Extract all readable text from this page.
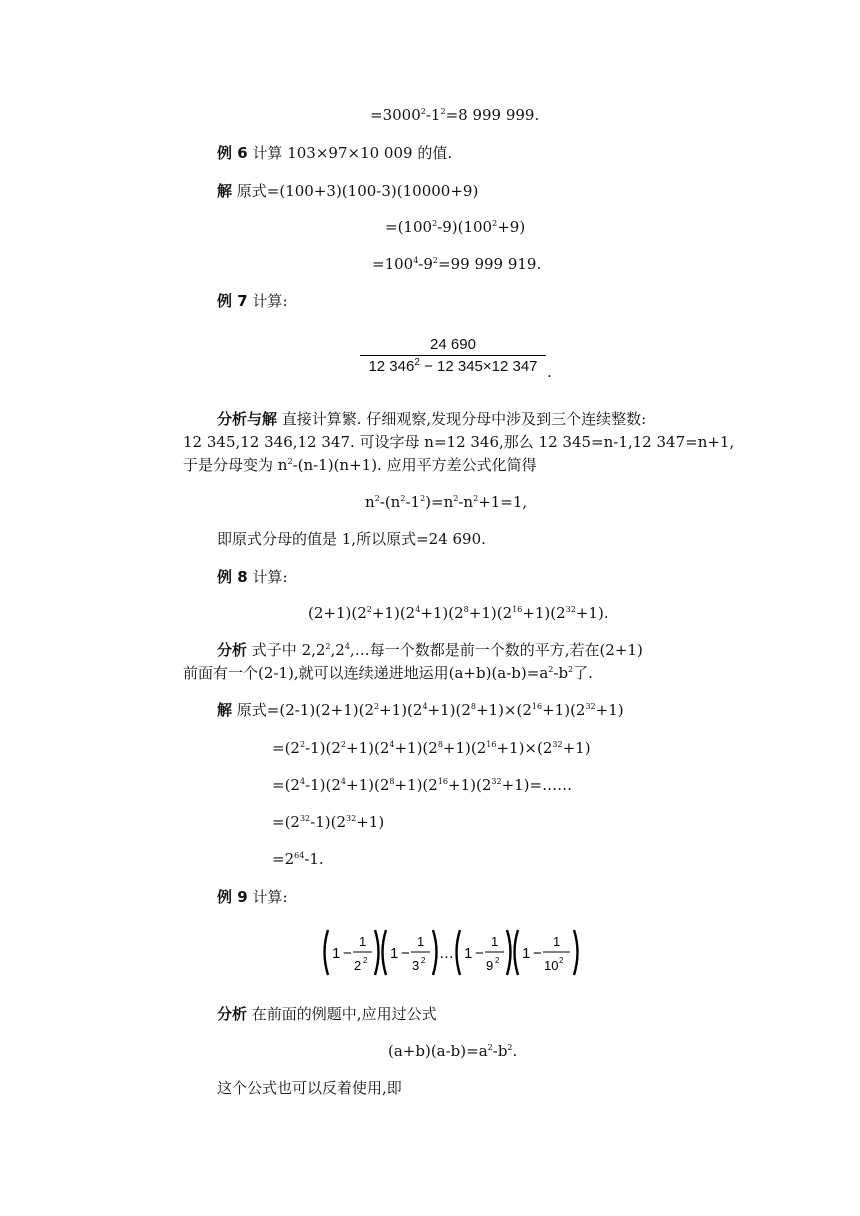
$=3000^2-1^2=8$ 999 999.
例 6 计算 103×97×10 009 的值.
解 原式=(100+3)(100-3)(10000+9)
$=(100^2-9)(100^2+9)$
$=100^4-9^2=99$ 999 919.
例 7 计算:
24 690
12 $346^2 - 12$ 345×12 347 .
分析与解 直接计算繁. 仔细观察,发现分母中涉及到三个连续整数:
12 345,12 346,12 347. 可设字母 n=12 346,那么 12 345=n-1,12 347=n+1,
于是分母变为 $n^2-(n-1)(n+1)$. 应用平方差公式化简得
$n^2-(n^2-1^2)=n^2-n^2+1=1$,
即原式分母的值是 1,所以原式=24 690.
例 8 计算:
$(2+1)(2^2+1)(2^4+1)(2^8+1)(2^{16}+1)(2^{32}+1)$.
分析 式子中 $2,2^2,2^4,\dots$每一个数都是前一个数的平方,若在(2+1)
前面有一个(2-1),就可以连续递进地运用$(a+b)(a-b)=a^2-b^2$了.
解 原式$=(2-1)(2+1)(2^2+1)(2^4+1)(2^8+1)\times(2^{16}+1)(2^{32}+1)$
$=(2^2-1)(2^2+1)(2^4+1)(2^8+1)(2^{16}+1)\times(2^{32}+1)$
$=(2^4-1)(2^4+1)(2^8+1)(2^{16}+1)(2^{32}+1)=\dots\dots$
$=(2^{32}-1)(2^{32}+1)$
$=2^{64}-1$.
例 9 计算:
1 −
1
2 2 1 −
1
3 2 … 1 −
1
9 2 1 −
1
10 2
分析 在前面的例题中,应用过公式
$(a+b)(a-b)=a^2-b^2$.
这个公式也可以反着使用,即
